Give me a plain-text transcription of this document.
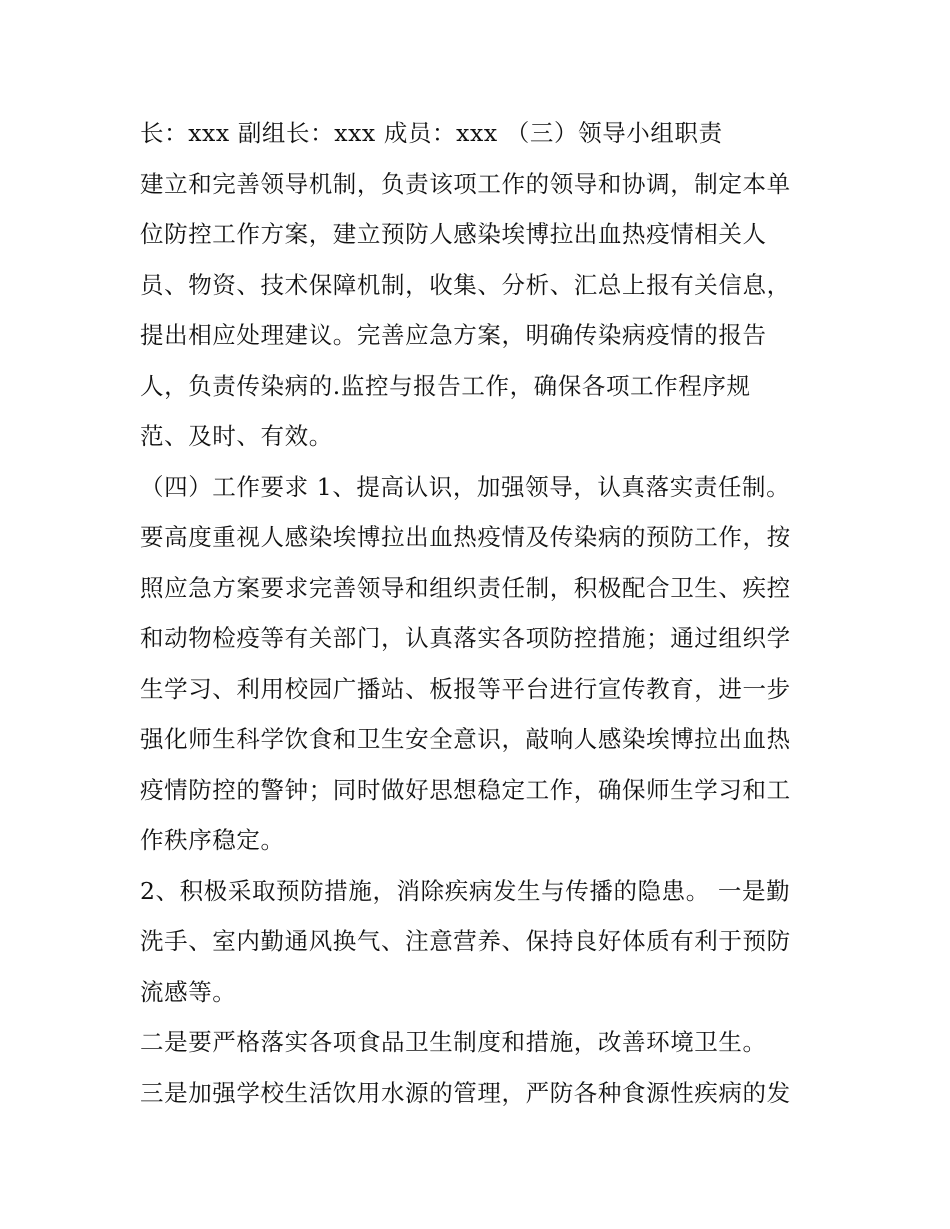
长：xxx 副组长：xxx 成员：xxx （三）领导小组职责
建立和完善领导机制，负责该项工作的领导和协调，制定本单
位防控工作方案，建立预防人感染埃博拉出血热疫情相关人
员、物资、技术保障机制，收集、分析、汇总上报有关信息，
提出相应处理建议。完善应急方案，明确传染病疫情的报告
人，负责传染病的.监控与报告工作，确保各项工作程序规
范、及时、有效。
（四）工作要求 1、提高认识，加强领导，认真落实责任制。
要高度重视人感染埃博拉出血热疫情及传染病的预防工作，按
照应急方案要求完善领导和组织责任制，积极配合卫生、疾控
和动物检疫等有关部门，认真落实各项防控措施；通过组织学
生学习、利用校园广播站、板报等平台进行宣传教育，进一步
强化师生科学饮食和卫生安全意识，敲响人感染埃博拉出血热
疫情防控的警钟；同时做好思想稳定工作，确保师生学习和工
作秩序稳定。
2、积极采取预防措施，消除疾病发生与传播的隐患。 一是勤
洗手、室内勤通风换气、注意营养、保持良好体质有利于预防
流感等。
二是要严格落实各项食品卫生制度和措施，改善环境卫生。
三是加强学校生活饮用水源的管理，严防各种食源性疾病的发
